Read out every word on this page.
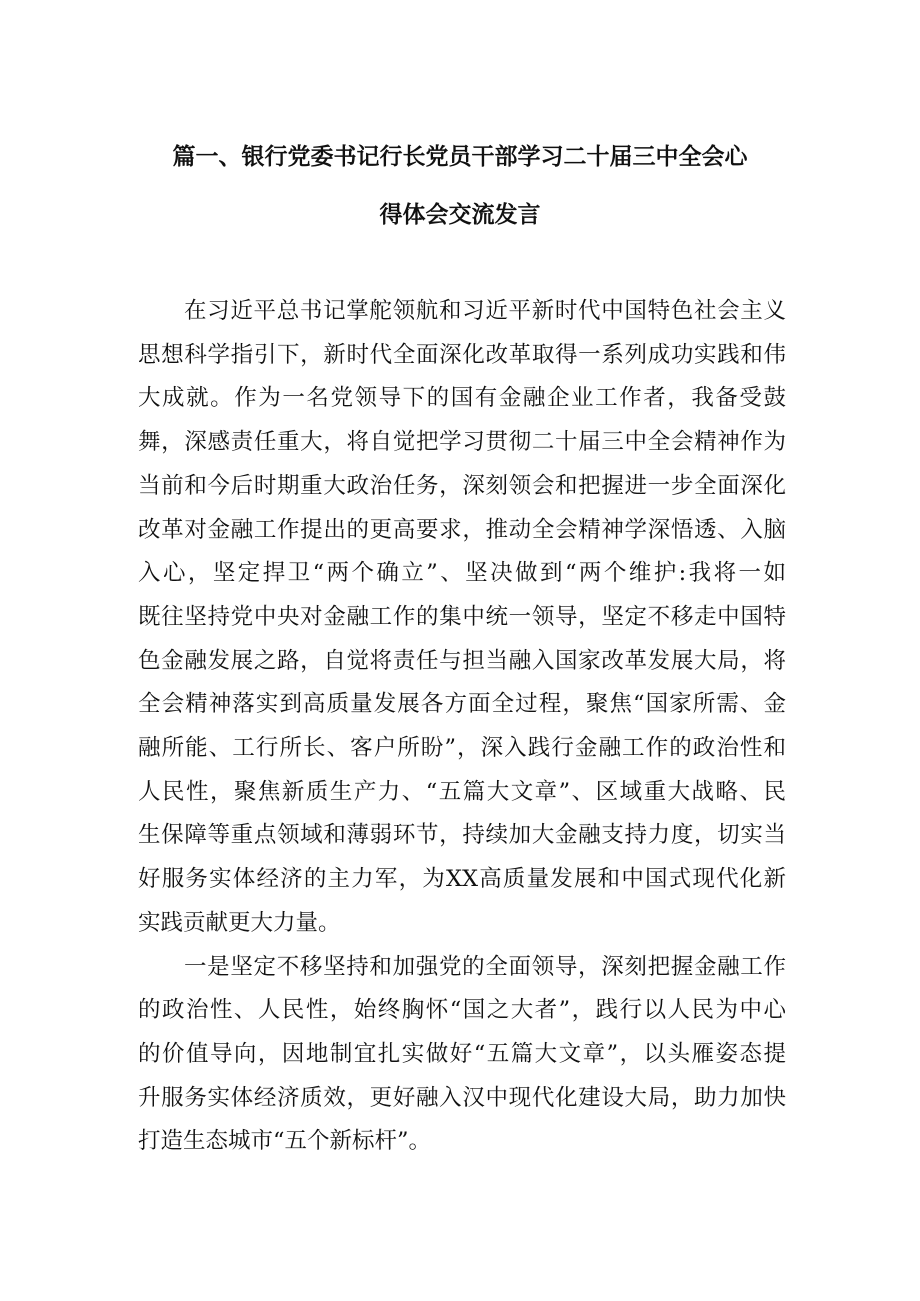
篇一、银行党委书记行长党员干部学习二十届三中全会心
得体会交流发言
在习近平总书记掌舵领航和习近平新时代中国特色社会主义
思想科学指引下，新时代全面深化改革取得一系列成功实践和伟
大成就。作为一名党领导下的国有金融企业工作者，我备受鼓
舞，深感责任重大，将自觉把学习贯彻二十届三中全会精神作为
当前和今后时期重大政治任务，深刻领会和把握进一步全面深化
改革对金融工作提出的更高要求，推动全会精神学深悟透、入脑
入心，坚定捍卫“两个确立”、坚决做到“两个维护:我将一如
既往坚持党中央对金融工作的集中统一领导，坚定不移走中国特
色金融发展之路，自觉将责任与担当融入国家改革发展大局，将
全会精神落实到高质量发展各方面全过程，聚焦“国家所需、金
融所能、工行所长、客户所盼”，深入践行金融工作的政治性和
人民性，聚焦新质生产力、“五篇大文章”、区域重大战略、民
生保障等重点领域和薄弱环节，持续加大金融支持力度，切实当
好服务实体经济的主力军，为XX高质量发展和中国式现代化新
实践贡献更大力量。
一是坚定不移坚持和加强党的全面领导，深刻把握金融工作
的政治性、人民性，始终胸怀“国之大者”，践行以人民为中心
的价值导向，因地制宜扎实做好“五篇大文章”，以头雁姿态提
升服务实体经济质效，更好融入汉中现代化建设大局，助力加快
打造生态城市“五个新标杆”。
